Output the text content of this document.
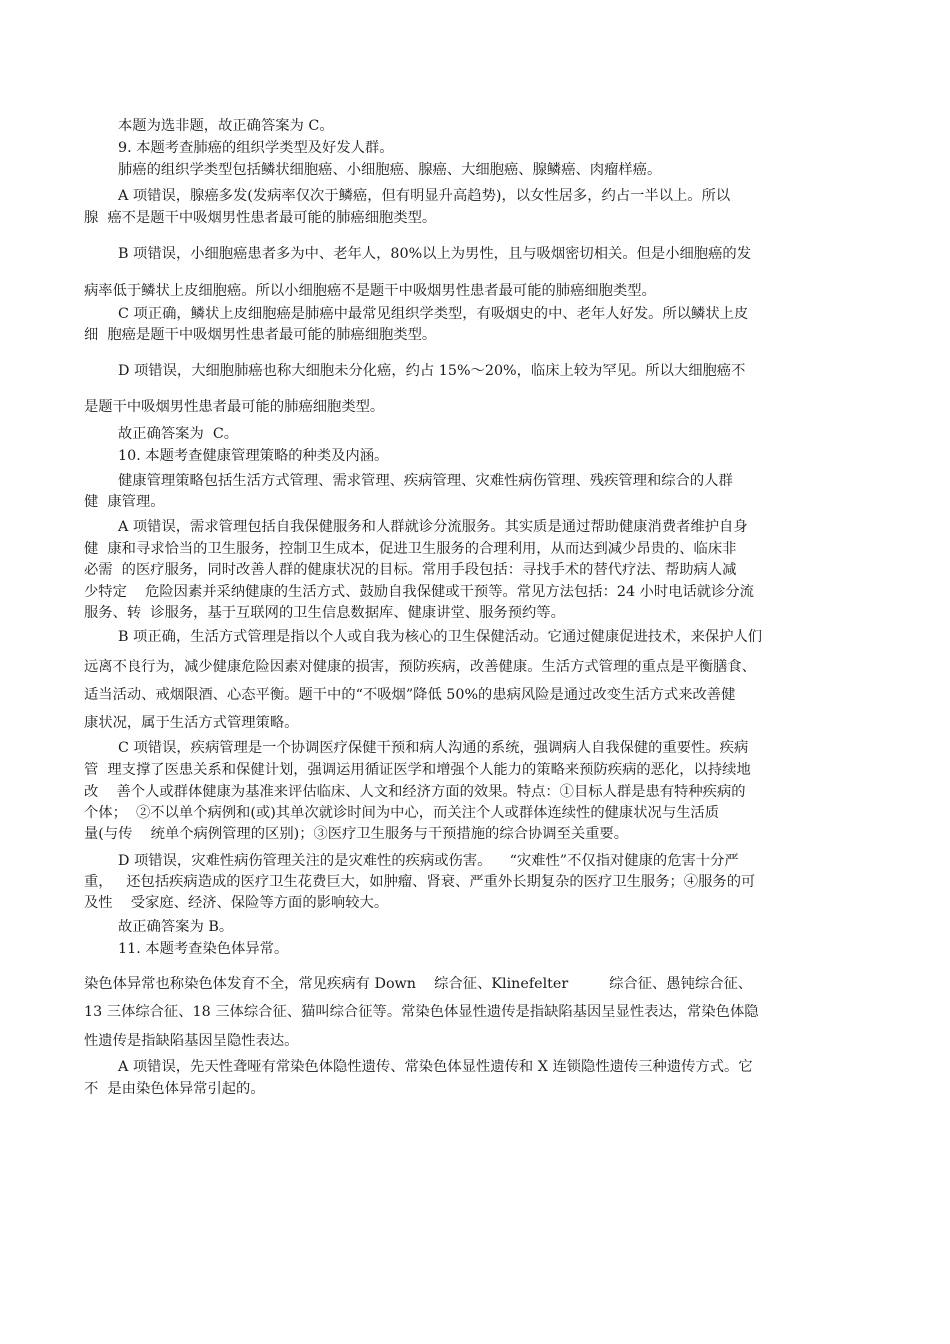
本题为选非题，故正确答案为 C。
9. 本题考查肺癌的组织学类型及好发人群。
肺癌的组织学类型包括鳞状细胞癌、小细胞癌、腺癌、大细胞癌、腺鳞癌、肉瘤样癌。
A 项错误，腺癌多发(发病率仅次于鳞癌，但有明显升高趋势)，以女性居多，约占一半以上。所以
腺  癌不是题干中吸烟男性患者最可能的肺癌细胞类型。
B 项错误，小细胞癌患者多为中、老年人，80%以上为男性，且与吸烟密切相关。但是小细胞癌的发
病率低于鳞状上皮细胞癌。所以小细胞癌不是题干中吸烟男性患者最可能的肺癌细胞类型。
C 项正确，鳞状上皮细胞癌是肺癌中最常见组织学类型，有吸烟史的中、老年人好发。所以鳞状上皮
细  胞癌是题干中吸烟男性患者最可能的肺癌细胞类型。
D 项错误，大细胞肺癌也称大细胞未分化癌，约占 15%～20%，临床上较为罕见。所以大细胞癌不
是题干中吸烟男性患者最可能的肺癌细胞类型。
故正确答案为  C。
10. 本题考查健康管理策略的种类及内涵。
健康管理策略包括生活方式管理、需求管理、疾病管理、灾难性病伤管理、残疾管理和综合的人群
健  康管理。
A 项错误，需求管理包括自我保健服务和人群就诊分流服务。其实质是通过帮助健康消费者维护自身
健  康和寻求恰当的卫生服务，控制卫生成本，促进卫生服务的合理利用，从而达到减少昂贵的、临床非
必需  的医疗服务，同时改善人群的健康状况的目标。常用手段包括：寻找手术的替代疗法、帮助病人减
少特定    危险因素并采纳健康的生活方式、鼓励自我保健或干预等。常见方法包括：24 小时电话就诊分流
服务、转  诊服务，基于互联网的卫生信息数据库、健康讲堂、服务预约等。
B 项正确，生活方式管理是指以个人或自我为核心的卫生保健活动。它通过健康促进技术，来保护人们
远离不良行为，减少健康危险因素对健康的损害，预防疾病，改善健康。生活方式管理的重点是平衡膳食、
适当活动、戒烟限酒、心态平衡。题干中的“不吸烟”降低 50%的患病风险是通过改变生活方式来改善健
康状况，属于生活方式管理策略。
C 项错误，疾病管理是一个协调医疗保健干预和病人沟通的系统，强调病人自我保健的重要性。疾病
管  理支撑了医患关系和保健计划，强调运用循证医学和增强个人能力的策略来预防疾病的恶化，以持续地
改    善个人或群体健康为基准来评估临床、人文和经济方面的效果。特点：①目标人群是患有特种疾病的
个体；  ②不以单个病例和(或)其单次就诊时间为中心，而关注个人或群体连续性的健康状况与生活质
量(与传    统单个病例管理的区别)；③医疗卫生服务与干预措施的综合协调至关重要。
D 项错误，灾难性病伤管理关注的是灾难性的疾病或伤害。    “灾难性”不仅指对健康的危害十分严
重，   还包括疾病造成的医疗卫生花费巨大，如肿瘤、肾衰、严重外长期复杂的医疗卫生服务；④服务的可
及性    受家庭、经济、保险等方面的影响较大。
故正确答案为 B。
11. 本题考查染色体异常。
染色体异常也称染色体发育不全，常见疾病有 Down    综合征、Klinefelter         综合征、愚钝综合征、
13 三体综合征、18 三体综合征、猫叫综合征等。常染色体显性遗传是指缺陷基因呈显性表达，常染色体隐
性遗传是指缺陷基因呈隐性表达。
A 项错误，先天性聋哑有常染色体隐性遗传、常染色体显性遗传和 X 连锁隐性遗传三种遗传方式。它
不  是由染色体异常引起的。
